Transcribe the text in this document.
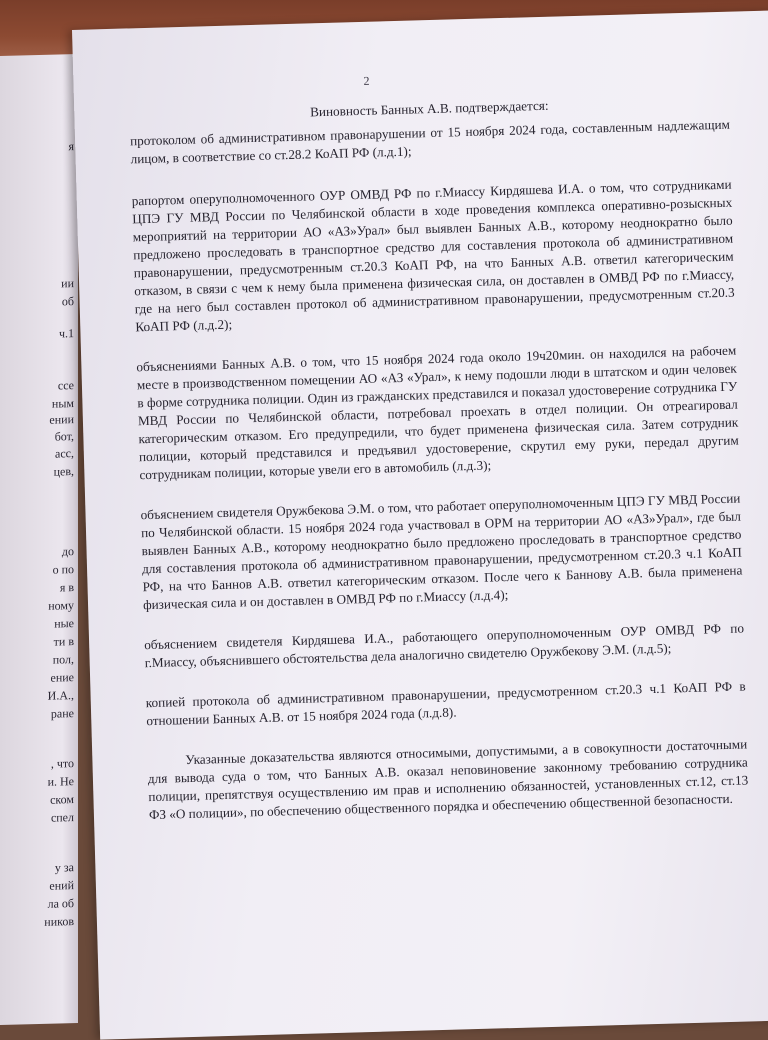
я
ии
об
ч.1
ссе
ным
ении
бот,
асс,
цев,
до
о по
я в
ному
ные
ти в
пол,
ение
И.А.,
ране
, что
и. Не
ском
спел
у за
ений
ла об
ников
2

Виновность Банных А.В. подтверждается:

протоколом об административном правонарушении от 15 ноября 2024 года, составленным надлежащим лицом, в соответствие со ст.28.2 КоАП РФ (л.д.1);

рапортом оперуполномоченного ОУР ОМВД РФ по г.Миассу Кирдяшева И.А. о том, что сотрудниками ЦПЭ ГУ МВД России по Челябинской области в ходе проведения комплекса оперативно-розыскных мероприятий на территории АО «АЗ»Урал» был выявлен Банных А.В., которому неоднократно было предложено проследовать в транспортное средство для составления протокола об административном правонарушении, предусмотренным ст.20.3 КоАП РФ, на что Банных А.В. ответил категорическим отказом, в связи с чем к нему была применена физическая сила, он доставлен в ОМВД РФ по г.Миассу, где на него был составлен протокол об административном правонарушении, предусмотренным ст.20.3 КоАП РФ (л.д.2);

объяснениями Банных А.В. о том, что 15 ноября 2024 года около 19ч20мин. он находился на рабочем месте в производственном помещении АО «АЗ «Урал», к нему подошли люди в штатском и один человек в форме сотрудника полиции. Один из гражданских представился и показал удостоверение сотрудника ГУ МВД России по Челябинской области, потребовал проехать в отдел полиции. Он отреагировал категорическим отказом. Его предупредили, что будет применена физическая сила. Затем сотрудник полиции, который представился и предъявил удостоверение, скрутил ему руки, передал другим сотрудникам полиции, которые увели его в автомобиль (л.д.3);

объяснением свидетеля Оружбекова Э.М. о том, что работает оперуполномоченным ЦПЭ ГУ МВД России по Челябинской области. 15 ноября 2024 года участвовал в ОРМ на территории АО «АЗ»Урал», где был выявлен Банных А.В., которому неоднократно было предложено проследовать в транспортное средство для составления протокола об административном правонарушении, предусмотренном ст.20.3 ч.1 КоАП РФ, на что Баннов А.В. ответил категорическим отказом. После чего к Баннову А.В. была применена физическая сила и он доставлен в ОМВД РФ по г.Миассу (л.д.4);

объяснением свидетеля Кирдяшева И.А., работающего оперуполномоченным ОУР ОМВД РФ по г.Миассу, объяснившего обстоятельства дела аналогично свидетелю Оружбекову Э.М. (л.д.5);

копией протокола об административном правонарушении, предусмотренном ст.20.3 ч.1 КоАП РФ в отношении Банных А.В. от 15 ноября 2024 года (л.д.8).

Указанные доказательства являются относимыми, допустимыми, а в совокупности достаточными для вывода суда о том, что Банных А.В. оказал неповиновение законному требованию сотрудника полиции, препятствуя осуществлению им прав и исполнению обязанностей, установленных ст.12, ст.13 ФЗ «О полиции», по обеспечению общественного порядка и обеспечению общественной безопасности.
